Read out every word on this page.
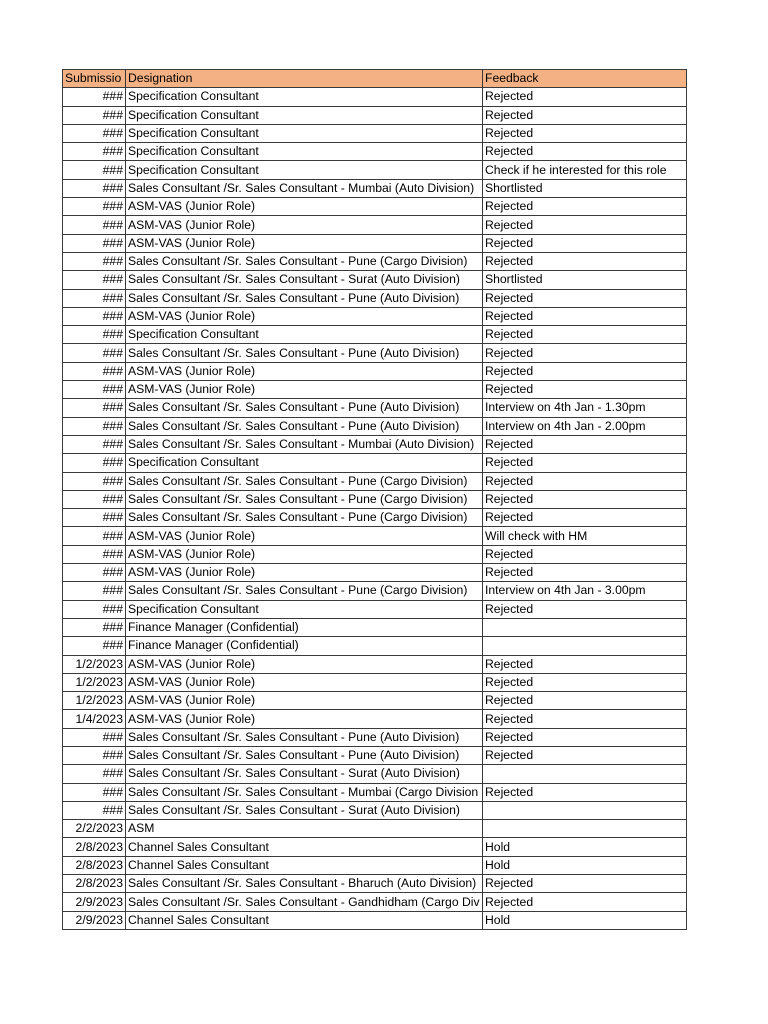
Submissio	Designation	Feedback
###	Specification Consultant	Rejected
###	Specification Consultant	Rejected
###	Specification Consultant	Rejected
###	Specification Consultant	Rejected
###	Specification Consultant	Check if he interested for this role
###	Sales Consultant /Sr. Sales Consultant - Mumbai (Auto Division)	Shortlisted
###	ASM-VAS (Junior Role)	Rejected
###	ASM-VAS (Junior Role)	Rejected
###	ASM-VAS (Junior Role)	Rejected
###	Sales Consultant /Sr. Sales Consultant - Pune (Cargo Division)	Rejected
###	Sales Consultant /Sr. Sales Consultant - Surat (Auto Division)	Shortlisted
###	Sales Consultant /Sr. Sales Consultant - Pune (Auto Division)	Rejected
###	ASM-VAS (Junior Role)	Rejected
###	Specification Consultant	Rejected
###	Sales Consultant /Sr. Sales Consultant - Pune (Auto Division)	Rejected
###	ASM-VAS (Junior Role)	Rejected
###	ASM-VAS (Junior Role)	Rejected
###	Sales Consultant /Sr. Sales Consultant - Pune (Auto Division)	Interview on 4th Jan - 1.30pm
###	Sales Consultant /Sr. Sales Consultant - Pune (Auto Division)	Interview on 4th Jan - 2.00pm
###	Sales Consultant /Sr. Sales Consultant - Mumbai (Auto Division)	Rejected
###	Specification Consultant	Rejected
###	Sales Consultant /Sr. Sales Consultant - Pune (Cargo Division)	Rejected
###	Sales Consultant /Sr. Sales Consultant - Pune (Cargo Division)	Rejected
###	Sales Consultant /Sr. Sales Consultant - Pune (Cargo Division)	Rejected
###	ASM-VAS (Junior Role)	Will check with HM
###	ASM-VAS (Junior Role)	Rejected
###	ASM-VAS (Junior Role)	Rejected
###	Sales Consultant /Sr. Sales Consultant - Pune (Cargo Division)	Interview on 4th Jan - 3.00pm
###	Specification Consultant	Rejected
###	Finance Manager (Confidential)	
###	Finance Manager (Confidential)	
1/2/2023	ASM-VAS (Junior Role)	Rejected
1/2/2023	ASM-VAS (Junior Role)	Rejected
1/2/2023	ASM-VAS (Junior Role)	Rejected
1/4/2023	ASM-VAS (Junior Role)	Rejected
###	Sales Consultant /Sr. Sales Consultant - Pune (Auto Division)	Rejected
###	Sales Consultant /Sr. Sales Consultant - Pune (Auto Division)	Rejected
###	Sales Consultant /Sr. Sales Consultant - Surat (Auto Division)	
###	Sales Consultant /Sr. Sales Consultant - Mumbai (Cargo Division	Rejected
###	Sales Consultant /Sr. Sales Consultant - Surat (Auto Division)	
2/2/2023	ASM	
2/8/2023	Channel Sales Consultant	Hold
2/8/2023	Channel Sales Consultant	Hold
2/8/2023	Sales Consultant /Sr. Sales Consultant - Bharuch (Auto Division)	Rejected
2/9/2023	Sales Consultant /Sr. Sales Consultant - Gandhidham (Cargo Div	Rejected
2/9/2023	Channel Sales Consultant	Hold
